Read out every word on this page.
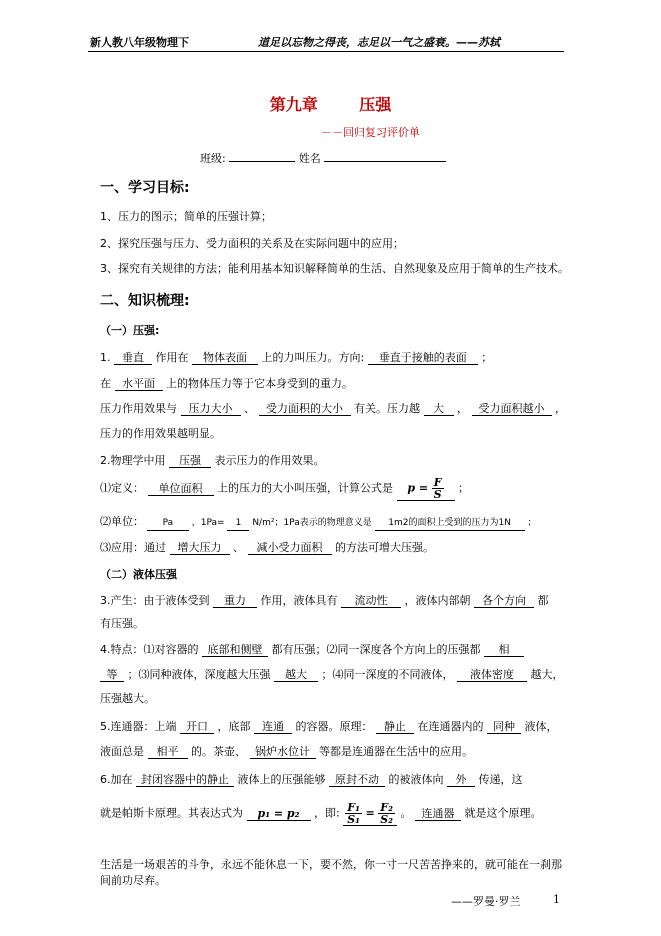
新人教八年级物理下	道足以忘物之得丧，志足以一气之盛衰。——苏轼
第九章	压强
－－回归复习评价单
班级:	姓名
一、学习目标:
1、压力的图示；简单的压强计算；
2、探究压强与压力、受力面积的关系及在实际问题中的应用；
3、探究有关规律的方法；能利用基本知识解释简单的生活、自然现象及应用于简单的生产技术。
二、知识梳理:
（一）压强:
1. 垂直 作用在 物体表面 上的力叫压力。方向: 垂直于接触的表面 ；
在 水平面 上的物体压力等于它本身受到的重力。
压力作用效果与 压力大小 、 受力面积的大小 有关。压力越 大 ， 受力面积越小 ，
压力的作用效果越明显。
2.物理学中用 压强 表示压力的作用效果。
⑴定义： 单位面积 上的压力的大小叫压强，计算公式是 $p = \frac{F}{S}$ ；
⑵单位： Pa ，1Pa= 1 N/m²；1Pa表示的物理意义是 1m2的面积上受到的压力为1N ；
⑶应用：通过 增大压力 、 减小受力面积 的方法可增大压强。
（二）液体压强
3.产生：由于液体受到 重力 作用，液体具有 流动性 ，液体内部朝 各个方向 都
有压强。
4.特点：⑴对容器的 底部和侧壁 都有压强；⑵同一深度各个方向上的压强都 相
等 ；⑶同种液体，深度越大压强 越大 ；⑷同一深度的不同液体， 液体密度 越大，
压强越大。
5.连通器：上端 开口 ，底部 连通 的容器。原理： 静止 在连通器内的 同种 液体，
液面总是 相平 的。茶壶、 锅炉水位计 等都是连通器在生活中的应用。
6.加在 封闭容器中的静止 液体上的压强能够 原封不动 的被液体向 外 传递，这
就是帕斯卡原理。其表达式为 p₁ = p₂ ，即: $\frac{\text{F₁}}{\text{S₁}} = \frac{\text{F₂}}{\text{S₂}}$ 。 连通器 就是这个原理。
生活是一场艰苦的斗争，永远不能休息一下，要不然，你一寸一尺苦苦挣来的，就可能在一刹那间前功尽弃。
——罗曼·罗兰	1
